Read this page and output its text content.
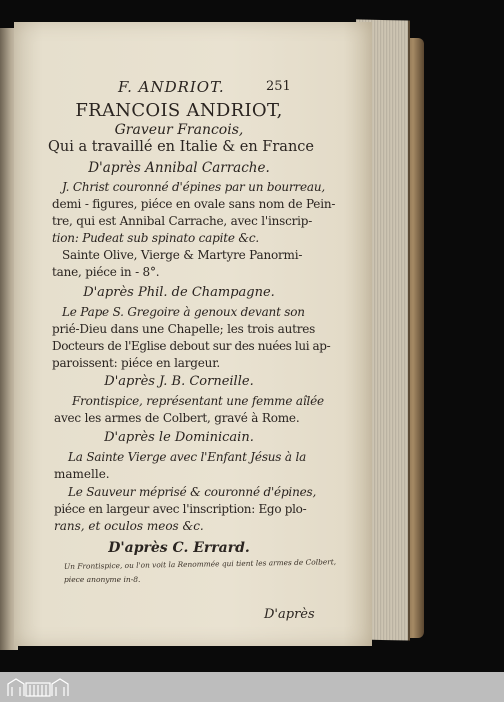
F. ANDRIOT.	251
FRANCOIS ANDRIOT,
Graveur Francois,
Qui a travaillé en Italie & en France
D'après Annibal Carrache.
J. Christ couronné d'épines par un bourreau,
demi - figures, piéce en ovale sans nom de Pein-
tre, qui est Annibal Carrache, avec l'inscrip-
tion: Pudeat sub spinato capite &c.
Sainte Olive, Vierge & Martyre Panormi-
tane, piéce in - 8°.
D'après Phil. de Champagne.
Le Pape S. Gregoire à genoux devant son
prié-Dieu dans une Chapelle; les trois autres
Docteurs de l'Eglise debout sur des nuées lui ap-
paroissent: piéce en largeur.
D'après J. B. Corneille.
Frontispice, représentant une femme aîlée
avec les armes de Colbert, gravé à Rome.
D'après le Dominicain.
La Sainte Vierge avec l'Enfant Jésus à la
mamelle.
Le Sauveur méprisé & couronné d'épines,
piéce en largeur avec l'inscription: Ego plo-
rans, et oculos meos &c.
D'après C. Errard.
Un Frontispice, ou l'on voit la Renommée qui tient les armes de Colbert,
piece anonyme in-8.
D'après
